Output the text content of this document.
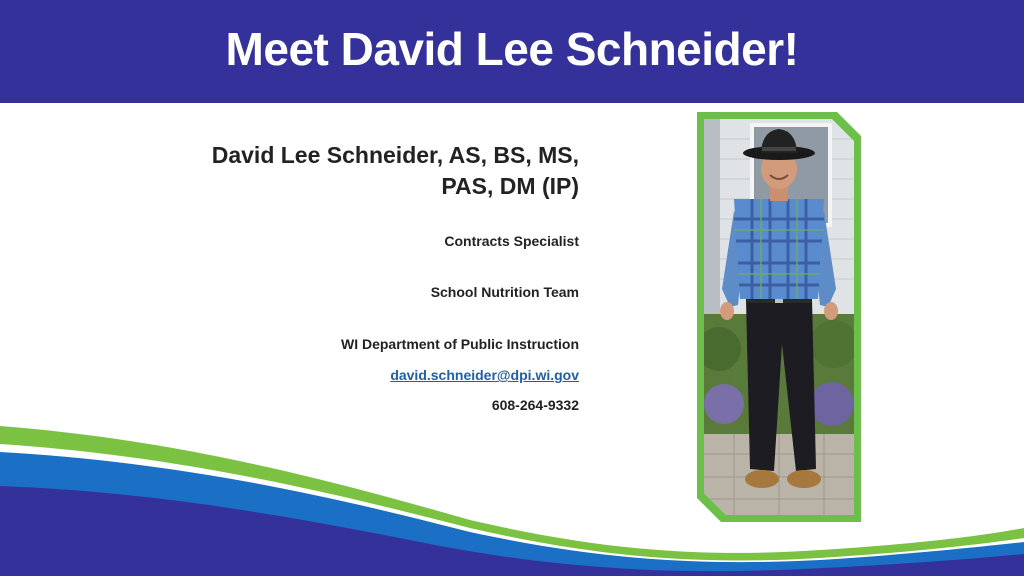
Meet David Lee Schneider!
David Lee Schneider, AS, BS, MS, PAS, DM (IP)
Contracts Specialist
School Nutrition Team
WI Department of Public Instruction
david.schneider@dpi.wi.gov
608-264-9332
